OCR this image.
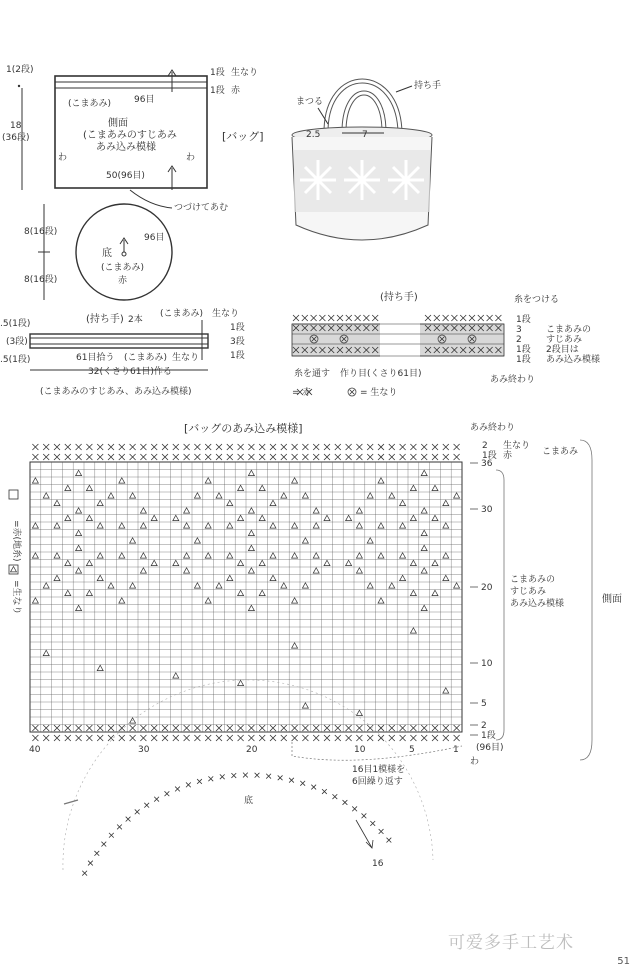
1(2段)	1段 生なり
1段 赤
(こまあみ)	96目
18
(36段)
側面
(こまあみのすじあみ
あみ込み模様
わ	わ
50(96目)
つづけてあむ
[バッグ]
8(16段)
8(16段)
底
96目
(こまあみ)
赤
持ち手
まつる
2.5	7
(持ち手) 2本
(こまあみ) 生なり
.5(1段)
(3段)
.5(1段)
1段
3段
1段
61目拾う (こまあみ) 生なり
32(くさり61目)作る
(こまあみのすじあみ、あみ込み模様)
(持ち手)	糸をつける
1段
3
2
1段
1段
こまあみの
すじあみ
2段目は
あみ込み模様
糸を通す 作り目(くさり61目)
あみ終わり
= 赤	= 生なり
[バッグのあみ込み模様]
36
30
20
10
5
2
1段
40	30	20	10	5	1
あみ終わり
2
1段
生なり
赤	こまあみ
こまあみの
すじあみ
あみ込み模様	側面
(96目)
わ
16目1模様を
6回繰り返す
=赤(地糸)
=生なり
底
16
可爱多手工艺术
51
